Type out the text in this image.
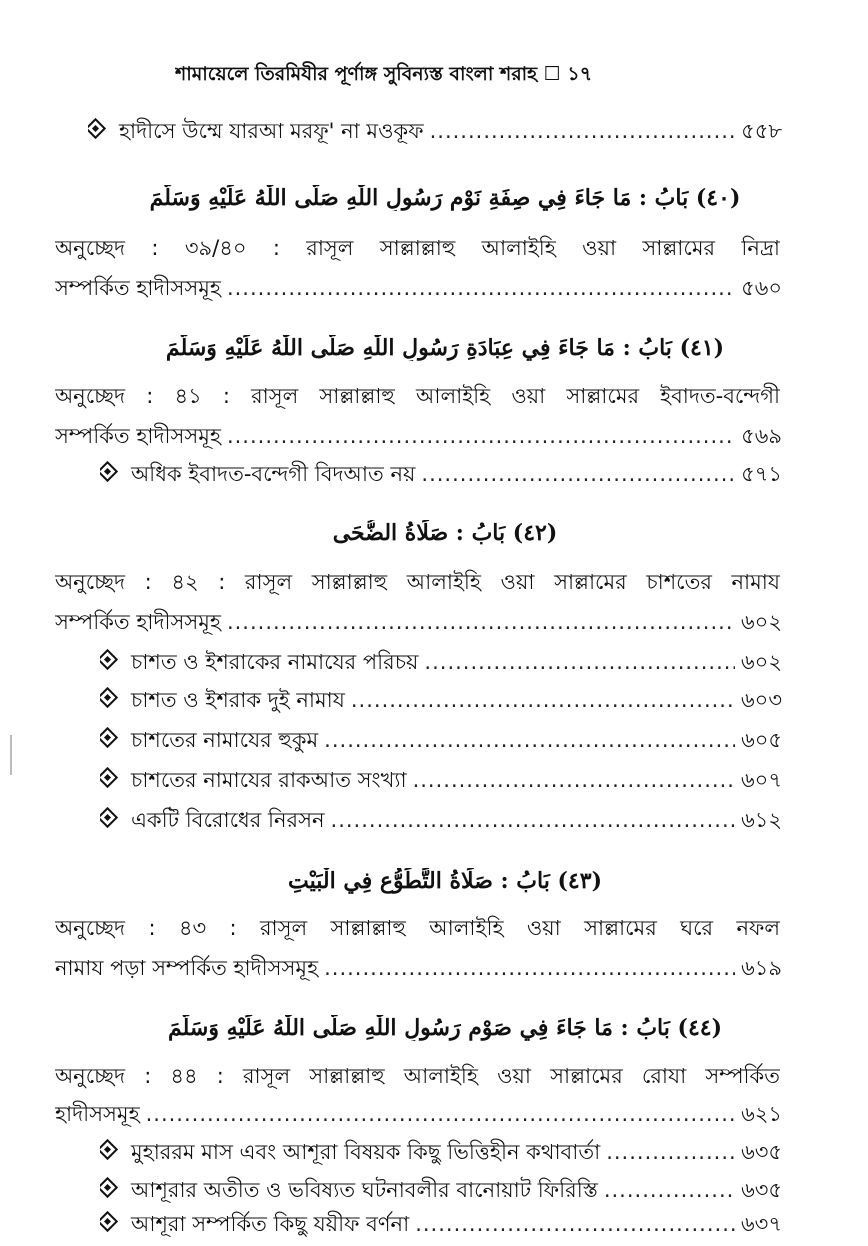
শামায়েলে তিরমিযীর পূর্ণাঙ্গ সুবিন্যস্ত বাংলা শরাহ ☐ ১৭
হাদীসে উম্মে যারআ মরফূ' না মওকূফ .....	৫৫৮
(٤٠) بَابُ : مَا جَاءَ فِي صِفَةِ نَوْمِ رَسُولِ اللّٰهِ صَلَّى اللّٰهُ عَلَيْهِ وَسَلَّمَ
অনুচ্ছেদ : ৩৯/৪০ : রাসূল সাল্লাল্লাহু আলাইহি ওয়া সাল্লামের নিদ্রা
সম্পর্কিত হাদীসসমূহ .....	৫৬০
(٤١) بَابُ : مَا جَاءَ فِي عِبَادَةِ رَسُولِ اللّٰهِ صَلَّى اللّٰهُ عَلَيْهِ وَسَلَّمَ
অনুচ্ছেদ : ৪১ : রাসূল সাল্লাল্লাহু আলাইহি ওয়া সাল্লামের ইবাদত-বন্দেগী
সম্পর্কিত হাদীসসমূহ .....	৫৬৯
অধিক ইবাদত-বন্দেগী বিদআত নয় .....	৫৭১
(٤٢) بَابُ : صَلَاةُ الضُّحَى
অনুচ্ছেদ : ৪২ : রাসূল সাল্লাল্লাহু আলাইহি ওয়া সাল্লামের চাশতের নামায
সম্পর্কিত হাদীসসমূহ .....	৬০২
চাশত ও ইশরাকের নামাযের পরিচয় .....	৬০২
চাশত ও ইশরাক দুই নামায .....	৬০৩
চাশতের নামাযের হুকুম .....	৬০৫
চাশতের নামাযের রাকআত সংখ্যা .....	৬০৭
একটি বিরোধের নিরসন .....	৬১২
(٤٣) بَابُ : صَلَاةُ التَّطَوُّعِ فِي الْبَيْتِ
অনুচ্ছেদ : ৪৩ : রাসূল সাল্লাল্লাহু আলাইহি ওয়া সাল্লামের ঘরে নফল
নামায পড়া সম্পর্কিত হাদীসসমূহ .....	৬১৯
(٤٤) بَابُ : مَا جَاءَ فِي صَوْمِ رَسُولِ اللّٰهِ صَلَّى اللّٰهُ عَلَيْهِ وَسَلَّمَ
অনুচ্ছেদ : ৪৪ : রাসূল সাল্লাল্লাহু আলাইহি ওয়া সাল্লামের রোযা সম্পর্কিত
হাদীসসমূহ .....	৬২১
মুহাররম মাস এবং আশূরা বিষয়ক কিছু ভিত্তিহীন কথাবার্তা .....	৬৩৫
আশূরার অতীত ও ভবিষ্যত ঘটনাবলীর বানোয়াট ফিরিস্তি .....	৬৩৫
আশূরা সম্পর্কিত কিছু যয়ীফ বর্ণনা .....	৬৩৭
